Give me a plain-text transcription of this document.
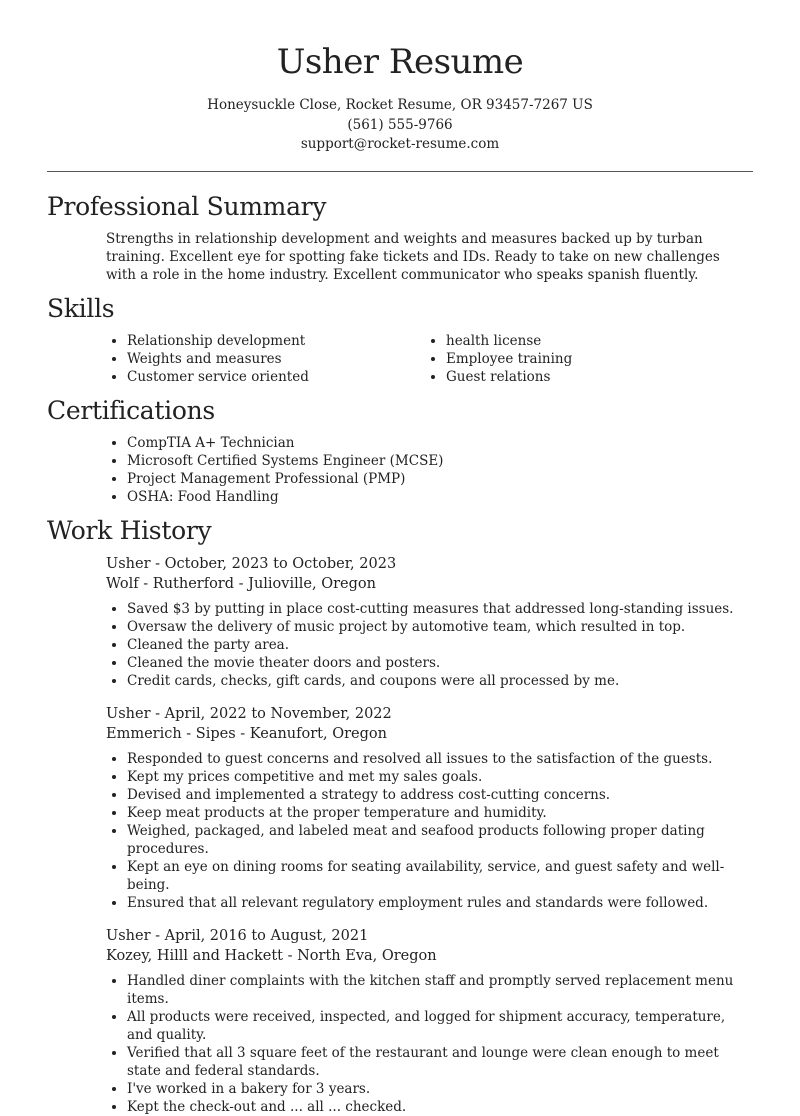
Usher Resume
Honeysuckle Close, Rocket Resume, OR 93457-7267 US
(561) 555-9766
support@rocket-resume.com
Professional Summary

Strengths in relationship development and weights and measures backed up by turban training. Excellent eye for spotting fake tickets and IDs. Ready to take on new challenges with a role in the home industry. Excellent communicator who speaks spanish fluently.

Skills
• Relationship development
• Weights and measures
• Customer service oriented
• health license
• Employee training
• Guest relations
Certifications
• CompTIA A+ Technician
• Microsoft Certified Systems Engineer (MCSE)
• Project Management Professional (PMP)
• OSHA: Food Handling
Work History
Usher - October, 2023 to October, 2023
Wolf - Rutherford - Julioville, Oregon
• Saved $3 by putting in place cost-cutting measures that addressed long-standing issues.
• Oversaw the delivery of music project by automotive team, which resulted in top.
• Cleaned the party area.
• Cleaned the movie theater doors and posters.
• Credit cards, checks, gift cards, and coupons were all processed by me.
Usher - April, 2022 to November, 2022
Emmerich - Sipes - Keanufort, Oregon
• Responded to guest concerns and resolved all issues to the satisfaction of the guests.
• Kept my prices competitive and met my sales goals.
• Devised and implemented a strategy to address cost-cutting concerns.
• Keep meat products at the proper temperature and humidity.
• Weighed, packaged, and labeled meat and seafood products following proper dating procedures.
• Kept an eye on dining rooms for seating availability, service, and guest safety and well-being.
• Ensured that all relevant regulatory employment rules and standards were followed.
Usher - April, 2016 to August, 2021
Kozey, Hilll and Hackett - North Eva, Oregon
• Handled diner complaints with the kitchen staff and promptly served replacement menu items.
• All products were received, inspected, and logged for shipment accuracy, temperature, and quality.
• Verified that all 3 square feet of the restaurant and lounge were clean enough to meet state and federal standards.
• I've worked in a bakery for 3 years.
• Kept the check-out and ... all ... checked.
